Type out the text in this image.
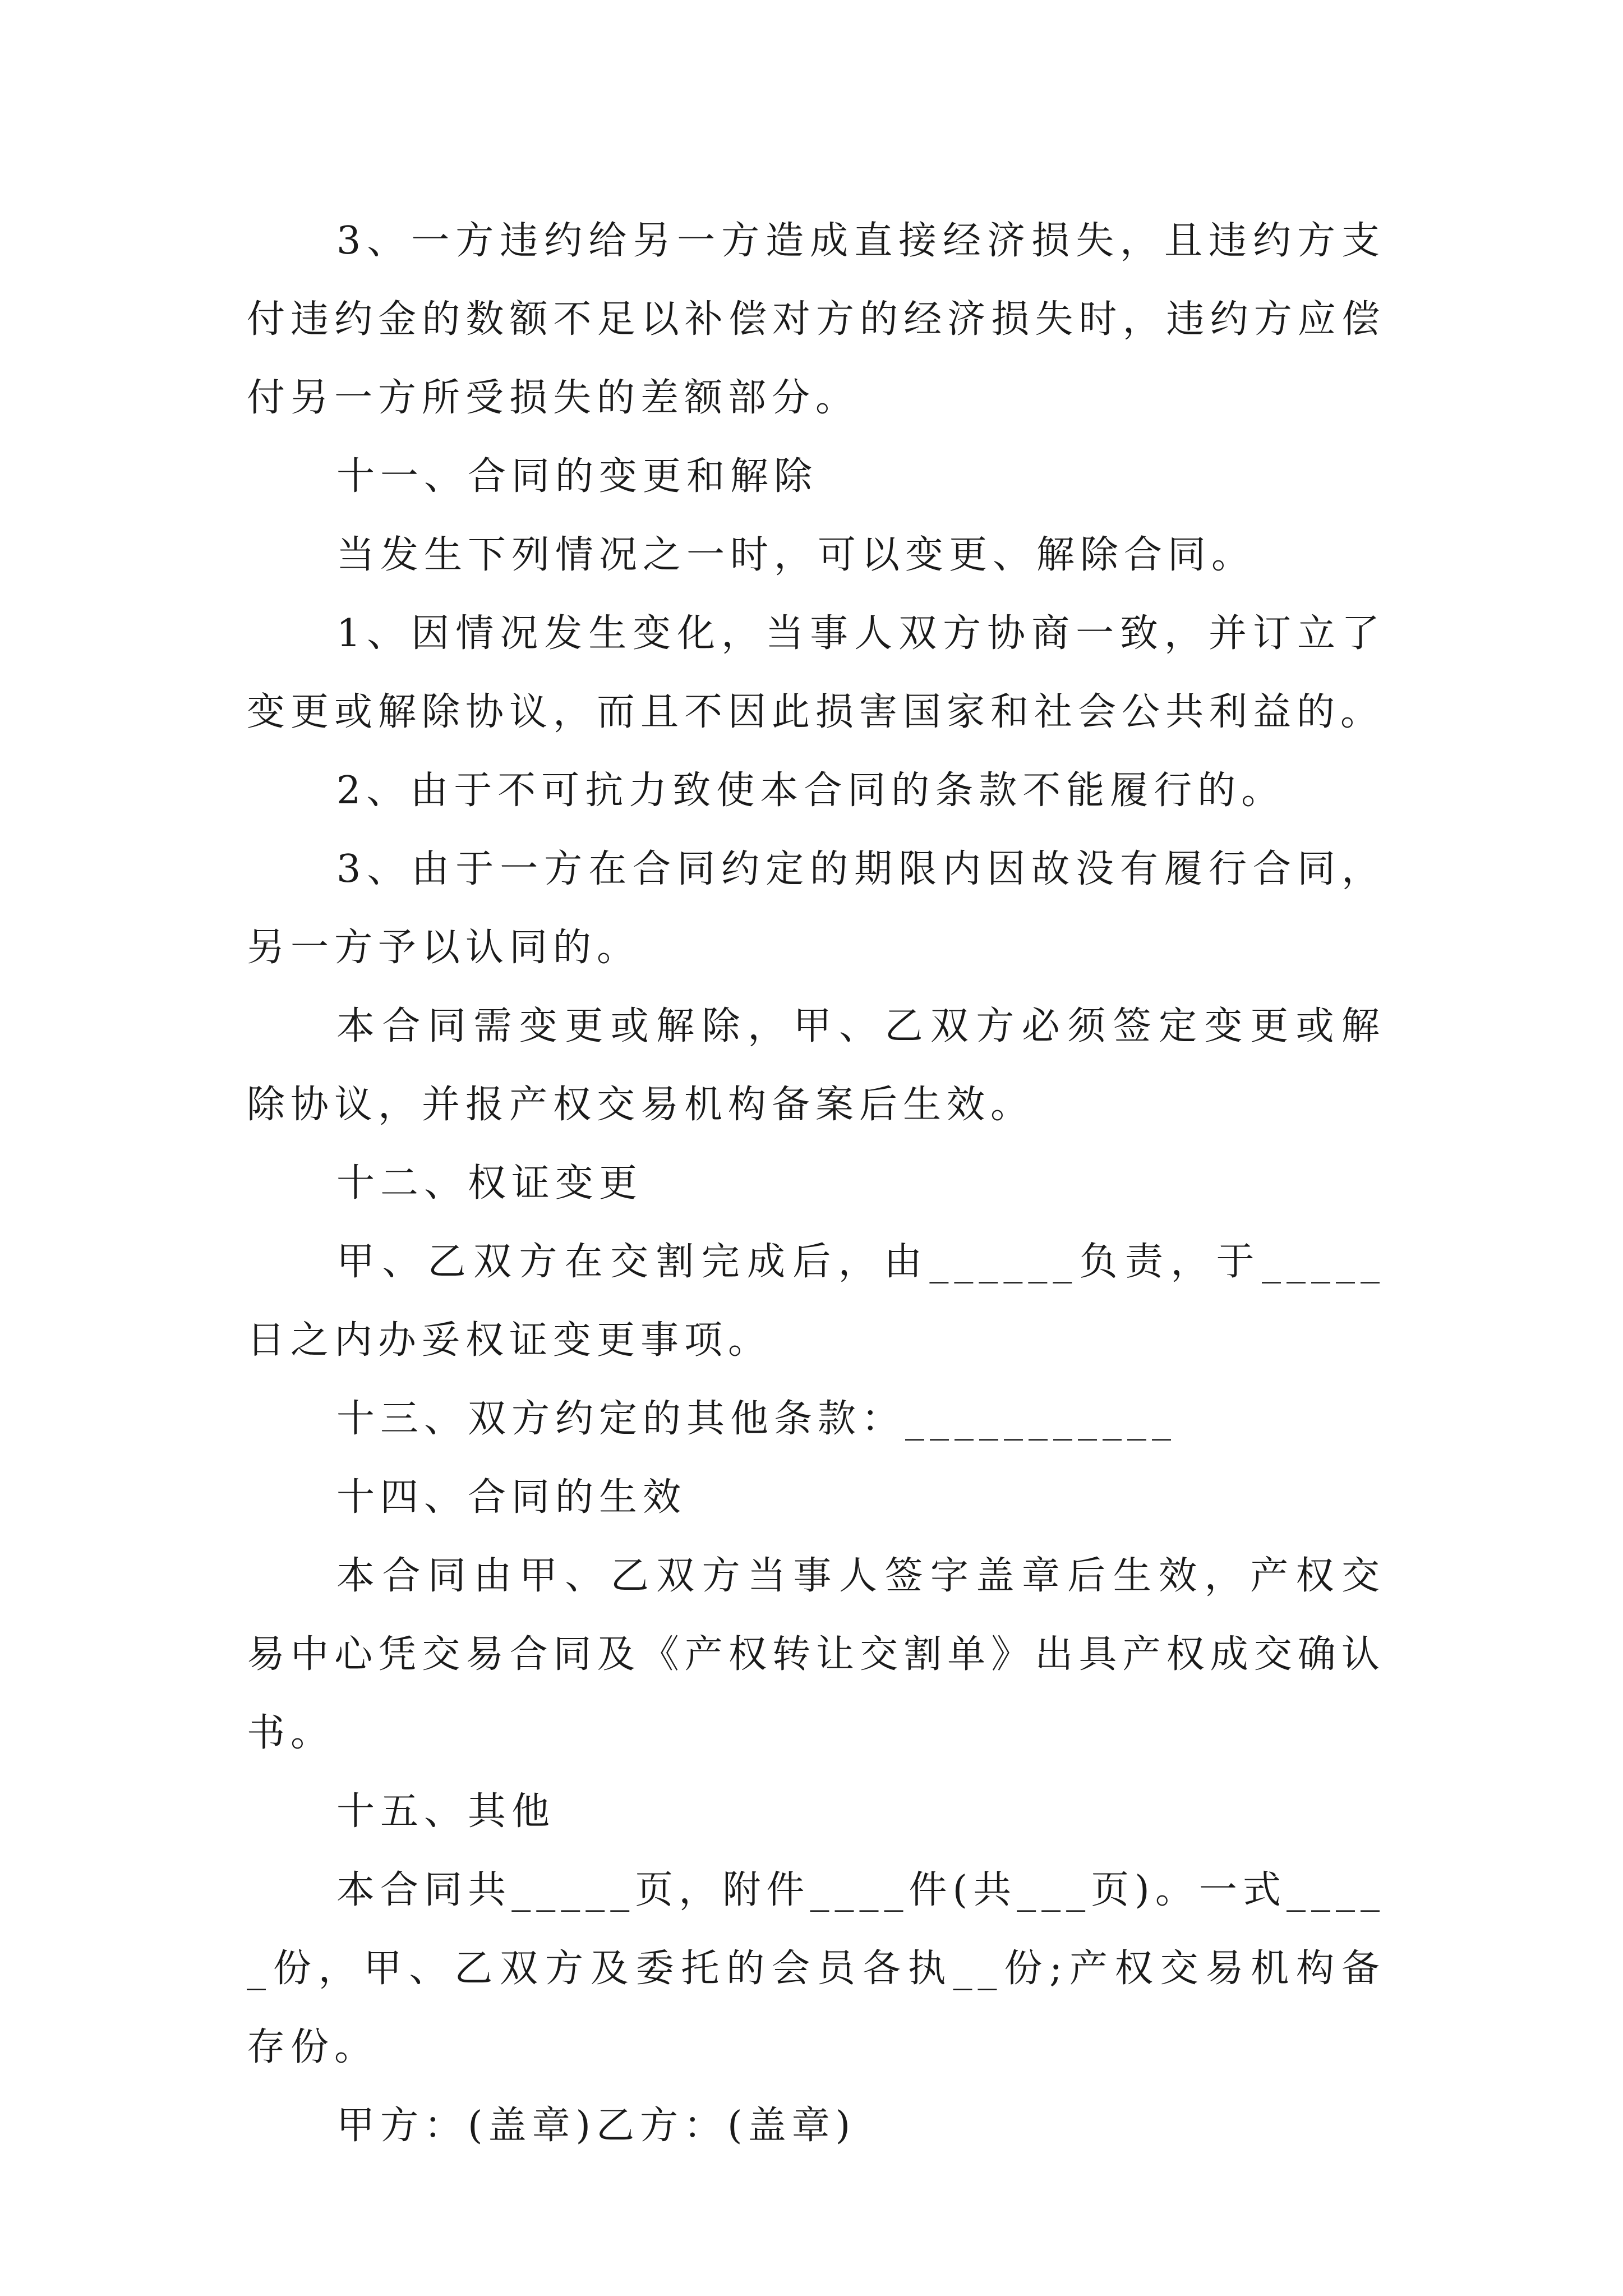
3、一方违约给另一方造成直接经济损失，且违约方支付违约金的数额不足以补偿对方的经济损失时，违约方应偿付另一方所受损失的差额部分。

十一、合同的变更和解除

当发生下列情况之一时，可以变更、解除合同。

1、因情况发生变化，当事人双方协商一致，并订立了变更或解除协议，而且不因此损害国家和社会公共利益的。

2、由于不可抗力致使本合同的条款不能履行的。

3、由于一方在合同约定的期限内因故没有履行合同，另一方予以认同的。

本合同需变更或解除，甲、乙双方必须签定变更或解除协议，并报产权交易机构备案后生效。

十二、权证变更

甲、乙双方在交割完成后，由______负责，于_____日之内办妥权证变更事项。

十三、双方约定的其他条款：___________

十四、合同的生效

本合同由甲、乙双方当事人签字盖章后生效，产权交易中心凭交易合同及《产权转让交割单》出具产权成交确认书。

十五、其他

本合同共_____页，附件____件(共___页)。一式_____份，甲、乙双方及委托的会员各执__份;产权交易机构备存份。

甲方：(盖章)乙方：(盖章)
